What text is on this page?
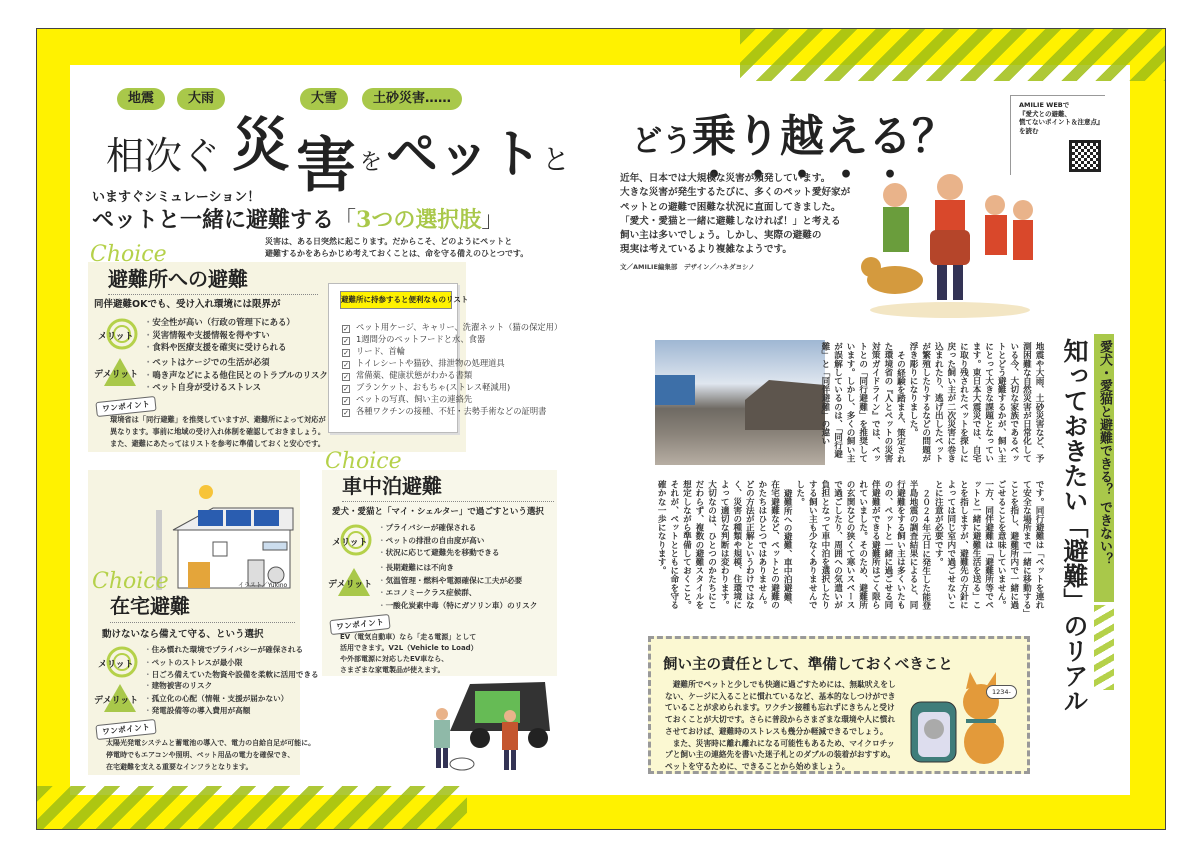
地震	大雨	大雪	土砂災害……
相次ぐ 災 害 を ペット と
どう乗り越える？
AMILIE WEBで
『愛犬との避難、
慌てないポイント＆注意点』
を読む
いますぐシミュレーション！
ペットと一緒に避難する「3つの選択肢」
災害は、ある日突然に起こります。だからこそ、どのようにペットと
避難するかをあらかじめ考えておくことは、命を守る備えのひとつです。
避難所への避難
同伴避難OKでも、受け入れ環境には限界が
メリット
・ 安全性が高い（行政の管理下にある）
・ 災害情報や支援情報を得やすい
・ 食料や医療支援を確実に受けられる
デメリット
・ ペットはケージでの生活が必須
・ 鳴き声などによる他住民とのトラブルのリスク
・ ペット自身が受けるストレス
ワンポイント
環境省は「同行避難」を推奨していますが、避難所によって対応が
異なります。事前に地域の受け入れ体制を確認しておきましょう。
また、避難にあたってはリストを参考に準備しておくと安心です。
Choice
避難所に持参すると便利なものリスト
✓ ペット用ケージ、キャリー、洗濯ネット（猫の保定用）
✓ 1週間分のペットフードと水、食器
✓ リード、首輪
✓ トイレシートや猫砂、排泄物の処理道具
✓ 常備薬、健康状態がわかる書類
✓ ブランケット、おもちゃ(ストレス軽減用)
✓ ペットの写真、飼い主の連絡先
✓ 各種ワクチンの接種、不妊・去勢手術などの証明書
イラスト／Yukino
在宅避難
動けないなら備えて守る、という選択
メリット
・ 住み慣れた環境でプライバシーが確保される
・ ペットのストレスが最小限
・ 日ごろ備えていた物資や設備を柔軟に活用できる
デメリット
・ 建物被害のリスク
・ 孤立化の心配（情報・支援が届かない）
・ 発電設備等の導入費用が高額
ワンポイント
太陽光発電システムと蓄電池の導入で、電力の自給自足が可能に。
停電時でもエアコンや照明、ペット用品の電力を確保でき、
在宅避難を支える重要なインフラとなります。
Choice
車中泊避難
愛犬・愛猫と「マイ・シェルター」で過ごすという選択
メリット
・ プライバシーが確保される
・ ペットの排泄の自由度が高い
・ 状況に応じて避難先を移動できる
デメリット
・ 長期避難には不向き
・ 気温管理・燃料や電源確保に工夫が必要
・ エコノミークラス症候群、
・ 一酸化炭素中毒（特にガソリン車）のリスク
ワンポイント
EV（電気自動車）なら「走る電源」として
活用できます。V2L（Vehicle to Load）
や外部電源に対応したEV車なら、
さまざまな家電製品が使えます。
Choice
近年、日本では大規模な災害が頻発しています。
大きな災害が発生するたびに、多くのペット愛好家が
ペットとの避難で困難な状況に直面してきました。
「愛犬・愛猫と一緒に避難しなければ！」と考える
飼い主は多いでしょう。しかし、実際の避難の
現実は考えているより複雑なようです。
文／AMILIE編集部　デザイン／ハネダヨシノ

地震や大雨、土砂災害など、予測困難な自然災害が日常化している今、大切な家族であるペットとどう避難するかが、飼い主にとって大きな課題となっています。東日本大震災では、自宅に取り残されたペットを探しに戻った飼い主が二次災害に巻き込まれたり、逃げ出したペットが繁殖したりするなどの問題が浮き彫りになりました。

その経験を踏まえ、策定された環境省の『人とペットの災害対策ガイドライン』では、ペットとの「同行避難」を推奨しています。しかし、多くの飼い主が誤解しているのは、「同行避難」と「同伴避難」の違い

です。同行避難は「ペットを連れて安全な場所まで一緒に移動する」ことを指し、避難所内で一緒に過ごせることを意味していません。一方、同伴避難は「避難所等でペットと一緒に避難生活を送る」ことを指しますが、避難先の方針によっては同じ室内で過ごせないことに注意が必要です。

２０２４年元日に発生した能登半島地震の調査結果によると、同行避難をする飼い主は多くいたものの、ペットと一緒に過ごせる同伴避難ができる避難所はごく限られていました。そのため、避難所の玄関などの狭くて寒いスペースで過ごしたり、周囲への気遣いが負担となって車中泊を選択したりする飼い主も少なくありませんでした。

避難所への避難、車中泊避難、在宅避難など、ペットとの避難のかたちはひとつではありません。どの方法が正解というわけではなく、災害の種類や規模、住環境によって適切な判断は変わります。大切なのは、ひとつのかたちにこだわらず、複数の避難スタイルを想定しながら準備しておくこと。それが、ペットとともに命を守る確かな一歩になります。	知っておきたい「避難」のリアル 愛犬・愛猫と避難できる？ できない？
飼い主の責任として、準備しておくべきこと

避難所でペットと少しでも快適に過ごすためには、無駄吠えをしない、ケージに入ることに慣れているなど、基本的なしつけができていることが求められます。ワクチン接種も忘れずにきちんと受けておくことが大切です。さらに普段からさまざまな環境や人に慣れさせておけば、避難時のストレスも幾分か軽減できるでしょう。

また、災害時に離れ離れになる可能性もあるため、マイクロチップと飼い主の連絡先を書いた迷子札とのダブルの装着がおすすめ。ペットを守るために、できることから始めましょう。

1234-
